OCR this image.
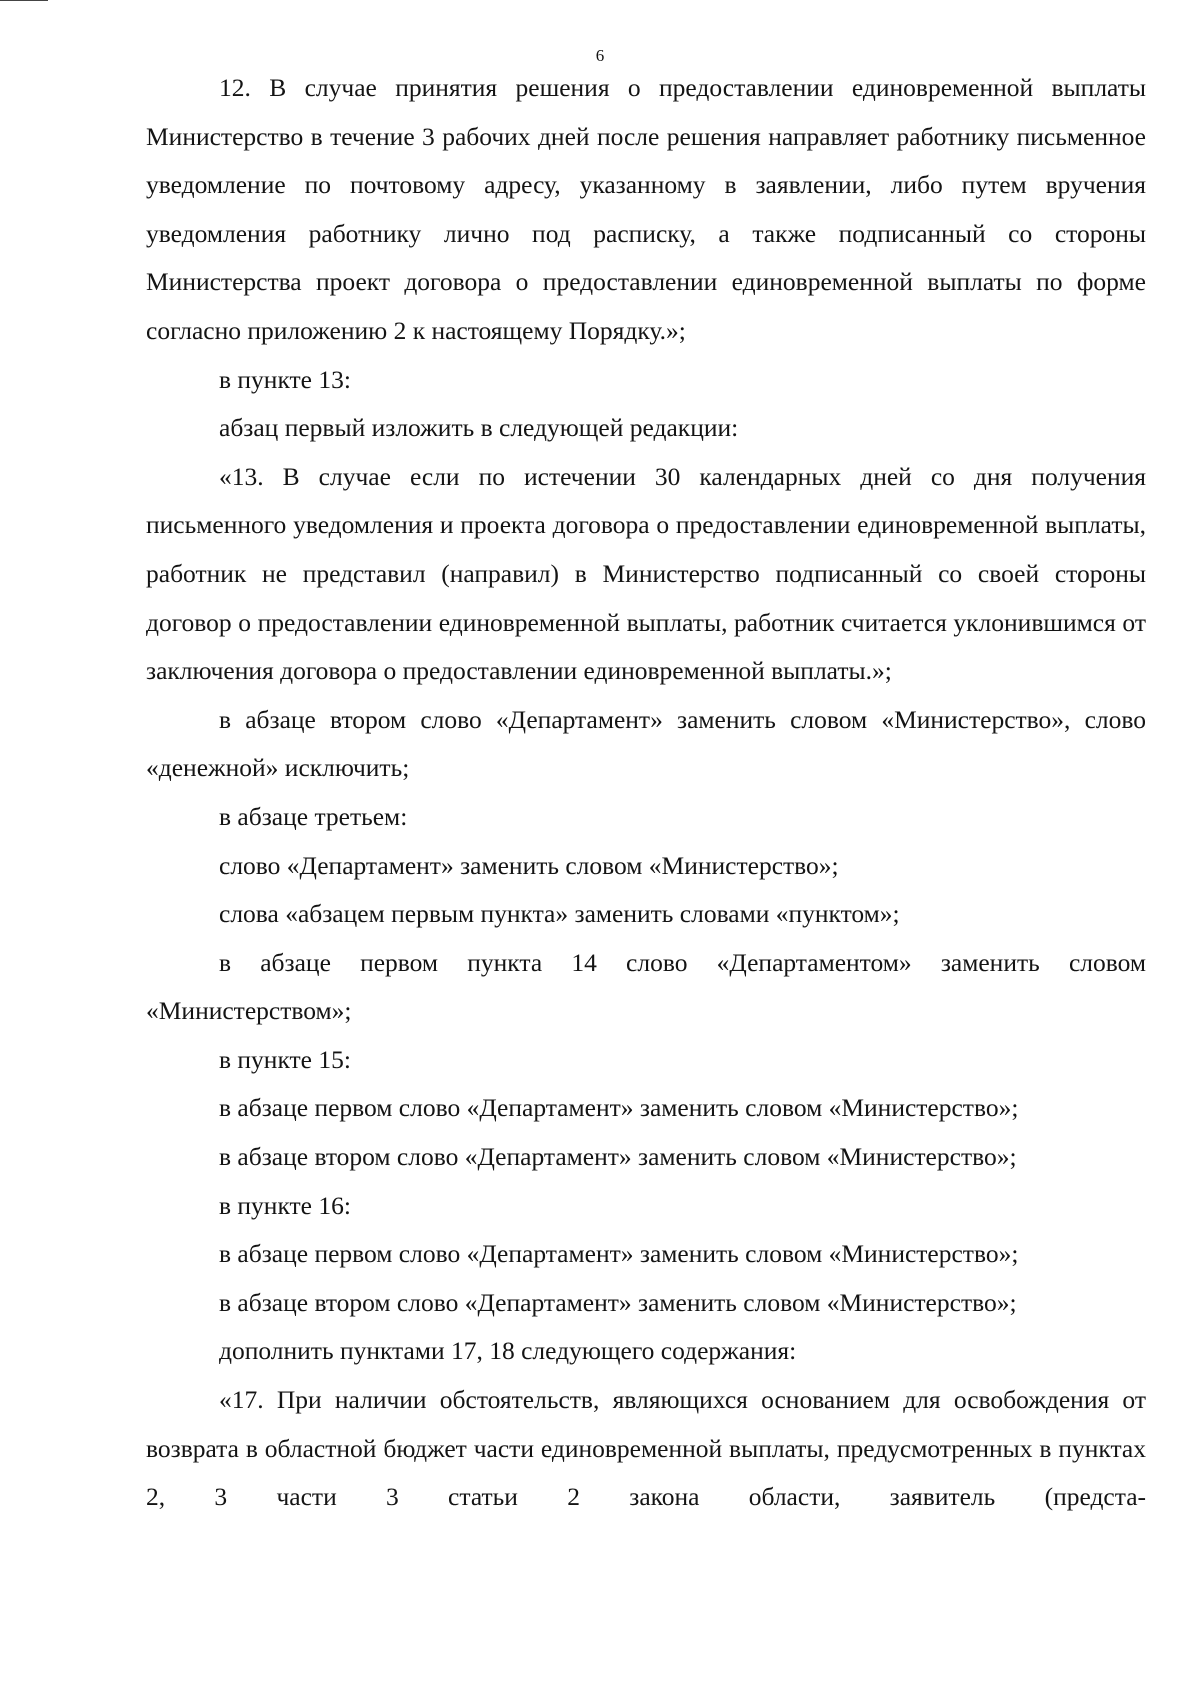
6

12. В случае принятия решения о предоставлении единовременной выплаты Министерство в течение 3 рабочих дней после решения направляет работнику письменное уведомление по почтовому адресу, указанному в заявлении, либо путем вручения уведомления работнику лично под расписку, а также подписанный со стороны Министерства проект договора о предоставлении единовременной выплаты по форме согласно приложению 2 к настоящему Порядку.»;

в пункте 13:

абзац первый изложить в следующей редакции:

«13. В случае если по истечении 30 календарных дней со дня получения письменного уведомления и проекта договора о предоставлении единовременной выплаты, работник не представил (направил) в Министерство подписанный со своей стороны договор о предоставлении единовременной выплаты, работник считается уклонившимся от заключения договора о предоставлении единовременной выплаты.»;

в абзаце втором слово «Департамент» заменить словом «Министерство», слово «денежной» исключить;

в абзаце третьем:

слово «Департамент» заменить словом «Министерство»;

слова «абзацем первым пункта» заменить словами «пунктом»;

в абзаце первом пункта 14 слово «Департаментом» заменить словом «Министерством»;

в пункте 15:

в абзаце первом слово «Департамент» заменить словом «Министерство»;

в абзаце втором слово «Департамент» заменить словом «Министерство»;

в пункте 16:

в абзаце первом слово «Департамент» заменить словом «Министерство»;

в абзаце втором слово «Департамент» заменить словом «Министерство»;

дополнить пунктами 17, 18 следующего содержания:

«17. При наличии обстоятельств, являющихся основанием для освобождения от возврата в областной бюджет части единовременной выплаты, предусмотренных в пунктах 2, 3 части 3 статьи 2 закона области, заявитель (предста-
